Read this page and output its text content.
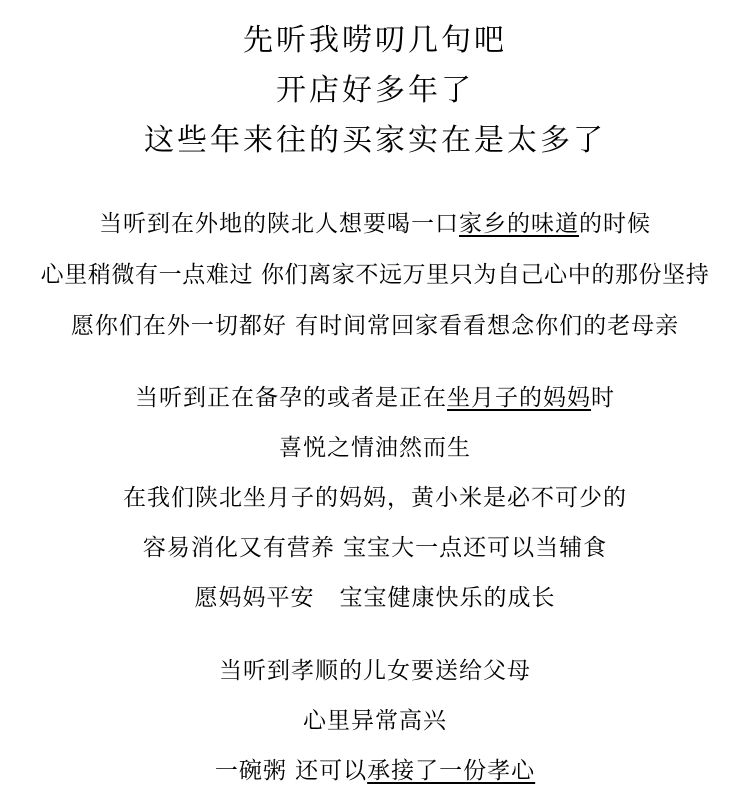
先听我唠叨几句吧
开店好多年了
这些年来往的买家实在是太多了
当听到在外地的陕北人想要喝一口家乡的味道的时候
心里稍微有一点难过 你们离家不远万里只为自己心中的那份坚持
愿你们在外一切都好 有时间常回家看看想念你们的老母亲
当听到正在备孕的或者是正在坐月子的妈妈时
喜悦之情油然而生
在我们陕北坐月子的妈妈，黄小米是必不可少的
容易消化又有营养 宝宝大一点还可以当辅食
愿妈妈平安   宝宝健康快乐的成长
当听到孝顺的儿女要送给父母
心里异常高兴
一碗粥 还可以承接了一份孝心
